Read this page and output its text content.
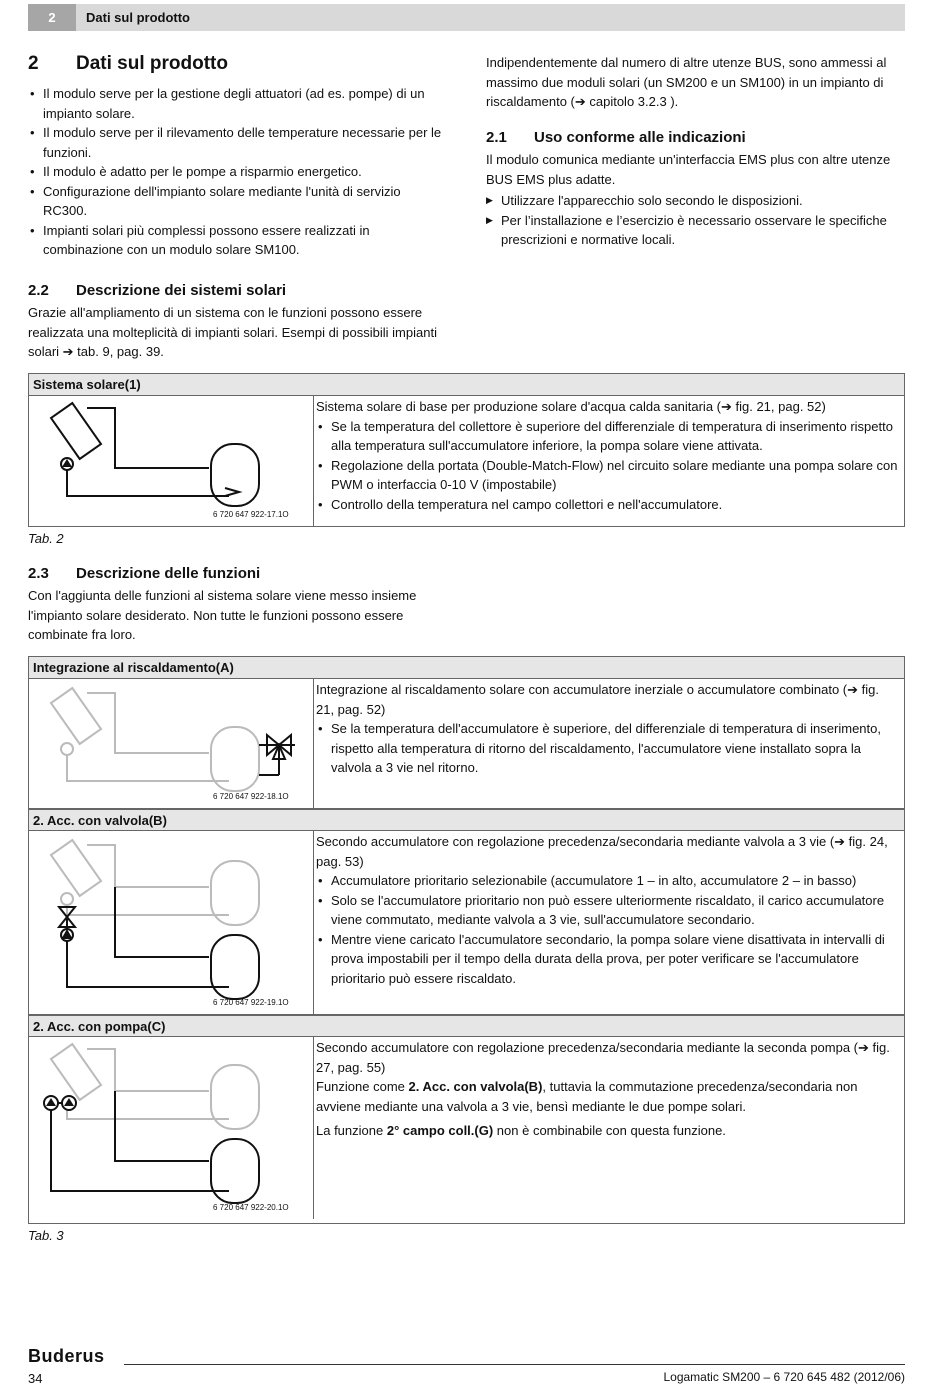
2	Dati sul prodotto
2 Dati sul prodotto
• Il modulo serve per la gestione degli attuatori (ad es. pompe) di un impianto solare.
• Il modulo serve per il rilevamento delle temperature necessarie per le funzioni.
• Il modulo è adatto per le pompe a risparmio energetico.
• Configurazione dell'impianto solare mediante l'unità di servizio RC300.
• Impianti solari più complessi possono essere realizzati in combinazione con un modulo solare SM100.
Indipendentemente dal numero di altre utenze BUS, sono ammessi al massimo due moduli solari (un SM200 e un SM100) in un impianto di riscaldamento (➔ capitolo 3.2.3 ).
2.1 Uso conforme alle indicazioni

Il modulo comunica mediante un'interfaccia EMS plus con altre utenze BUS EMS plus adatte.

▶ Utilizzare l'apparecchio solo secondo le disposizioni.
▶ Per l’installazione e l’esercizio è necessario osservare le specifiche prescrizioni e normative locali.
2.2 Descrizione dei sistemi solari
Grazie all'ampliamento di un sistema con le funzioni possono essere realizzata una molteplicità di impianti solari. Esempi di possibili impianti solari ➔ tab. 9, pag. 39.
Sistema solare(1)
6 720 647 922-17.1O

Sistema solare di base per produzione solare d'acqua calda sanitaria (➔ fig. 21, pag. 52)

• Se la temperatura del collettore è superiore del differenziale di temperatura di inserimento rispetto alla temperatura sull'accumulatore inferiore, la pompa solare viene attivata.
• Regolazione della portata (Double-Match-Flow) nel circuito solare mediante una pompa solare con PWM o interfaccia 0-10 V (impostabile)
• Controllo della temperatura nel campo collettori e nell'accumulatore.
Tab. 2
2.3 Descrizione delle funzioni
Con l'aggiunta delle funzioni al sistema solare viene messo insieme l'impianto solare desiderato. Non tutte le funzioni possono essere combinate fra loro.
Integrazione al riscaldamento(A)
6 720 647 922-18.1O

Integrazione al riscaldamento solare con accumulatore inerziale o accumulatore combinato (➔ fig. 21, pag. 52)

• Se la temperatura dell'accumulatore è superiore, del differenziale di temperatura di inserimento, rispetto alla temperatura di ritorno del riscaldamento, l'accumulatore viene installato sopra la valvola a 3 vie nel ritorno.
2. Acc. con valvola(B)
6 720 647 922-19.1O

Secondo accumulatore con regolazione precedenza/secondaria mediante valvola a 3 vie (➔ fig. 24, pag. 53)

• Accumulatore prioritario selezionabile (accumulatore 1 – in alto, accumulatore 2 – in basso)
• Solo se l'accumulatore prioritario non può essere ulteriormente riscaldato, il carico accumulatore viene commutato, mediante valvola a 3 vie, sull'accumulatore secondario.
• Mentre viene caricato l'accumulatore secondario, la pompa solare viene disattivata in intervalli di prova impostabili per il tempo della durata della prova, per poter verificare se l'accumulatore prioritario può essere riscaldato.
2. Acc. con pompa(C)
6 720 647 922-20.1O

Secondo accumulatore con regolazione precedenza/secondaria mediante la seconda pompa (➔ fig. 27, pag. 55)

Funzione come 2. Acc. con valvola(B), tuttavia la commutazione precedenza/secondaria non avviene mediante una valvola a 3 vie, bensì mediante le due pompe solari.

La funzione 2° campo coll.(G) non è combinabile con questa funzione.

Tab. 3
Buderus
34	Logamatic SM200 – 6 720 645 482 (2012/06)
